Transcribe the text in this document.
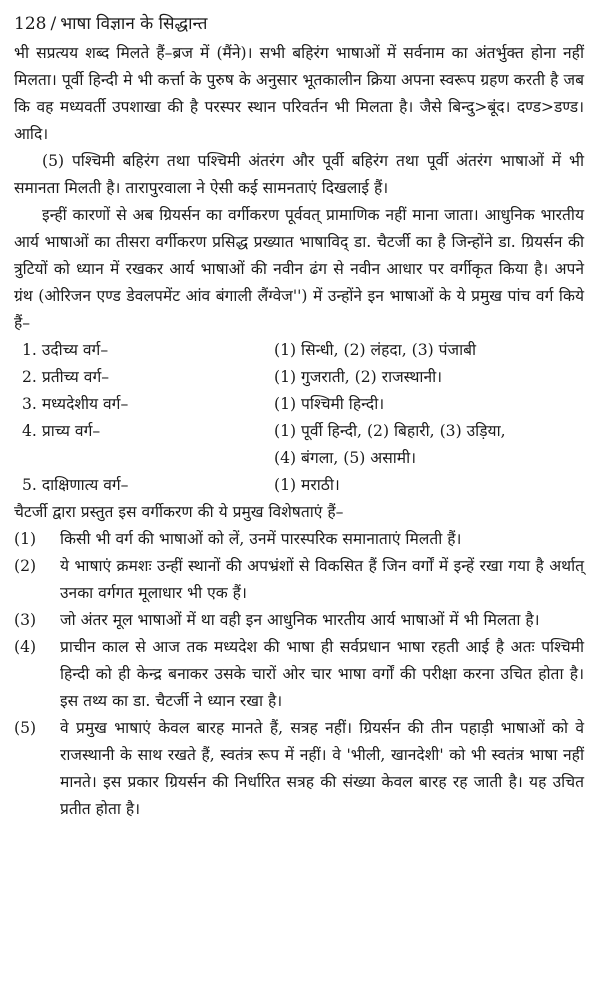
128 / भाषा विज्ञान के सिद्धान्त

भी सप्रत्यय शब्द मिलते हैं–ब्रज में (मैंने)। सभी बहिरंग भाषाओं में सर्वनाम का अंतर्भुक्त होना नहीं मिलता। पूर्वी हिन्दी मे भी कर्त्ता के पुरुष के अनुसार भूतकालीन क्रिया अपना स्वरूप ग्रहण करती है जब कि वह मध्यवर्ती उपशाखा की है परस्पर स्थान परिवर्तन भी मिलता है। जैसे बिन्दु>बूंद। दण्ड>डण्ड। आदि।

(5) पश्चिमी बहिरंग तथा पश्चिमी अंतरंग और पूर्वी बहिरंग तथा पूर्वी अंतरंग भाषाओं में भी समानता मिलती है। तारापुरवाला ने ऐसी कई सामनताएं दिखलाई हैं।

इन्हीं कारणों से अब ग्रियर्सन का वर्गीकरण पूर्ववत् प्रामाणिक नहीं माना जाता। आधुनिक भारतीय आर्य भाषाओं का तीसरा वर्गीकरण प्रसिद्ध प्रख्यात भाषाविद् डा. चैटर्जी का है जिन्होंने डा. ग्रियर्सन की त्रुटियों को ध्यान में रखकर आर्य भाषाओं की नवीन ढंग से नवीन आधार पर वर्गीकृत किया है। अपने ग्रंथ (ओरिजन एण्ड डेवलपमेंट आंव बंगाली लैंग्वेज'') में उन्होंने इन भाषाओं के ये प्रमुख पांच वर्ग किये हैं–

1. उदीच्य वर्ग–	(1) सिन्धी, (2) लंहदा, (3) पंजाबी
2. प्रतीच्य वर्ग–	(1) गुजराती, (2) राजस्थानी।
3. मध्यदेशीय वर्ग–	(1) पश्चिमी हिन्दी।
4. प्राच्य वर्ग–	(1) पूर्वी हिन्दी, (2) बिहारी, (3) उड़िया,
(4) बंगला, (5) असामी।
5. दाक्षिणात्य वर्ग–	(1) मराठी।

चैटर्जी द्वारा प्रस्तुत इस वर्गीकरण की ये प्रमुख विशेषताएं हैं–

(1)	किसी भी वर्ग की भाषाओं को लें, उनमें पारस्परिक समानाताएं मिलती हैं।
(2)	ये भाषाएं क्रमशः उन्हीं स्थानों की अपभ्रंशों से विकसित हैं जिन वर्गों में इन्हें रखा गया है अर्थात् उनका वर्गगत मूलाधार भी एक हैं।
(3)	जो अंतर मूल भाषाओं में था वही इन आधुनिक भारतीय आर्य भाषाओं में भी मिलता है।
(4)	प्राचीन काल से आज तक मध्यदेश की भाषा ही सर्वप्रधान भाषा रहती आई है अतः पश्चिमी हिन्दी को ही केन्द्र बनाकर उसके चारों ओर चार भाषा वर्गों की परीक्षा करना उचित होता है। इस तथ्य का डा. चैटर्जी ने ध्यान रखा है।
(5)	वे प्रमुख भाषाएं केवल बारह मानते हैं, सत्रह नहीं। ग्रियर्सन की तीन पहाड़ी भाषाओं को वे राजस्थानी के साथ रखते हैं, स्वतंत्र रूप में नहीं। वे 'भीली, खानदेशी' को भी स्वतंत्र भाषा नहीं मानते। इस प्रकार ग्रियर्सन की निर्धारित सत्रह की संख्या केवल बारह रह जाती है। यह उचित प्रतीत होता है।
